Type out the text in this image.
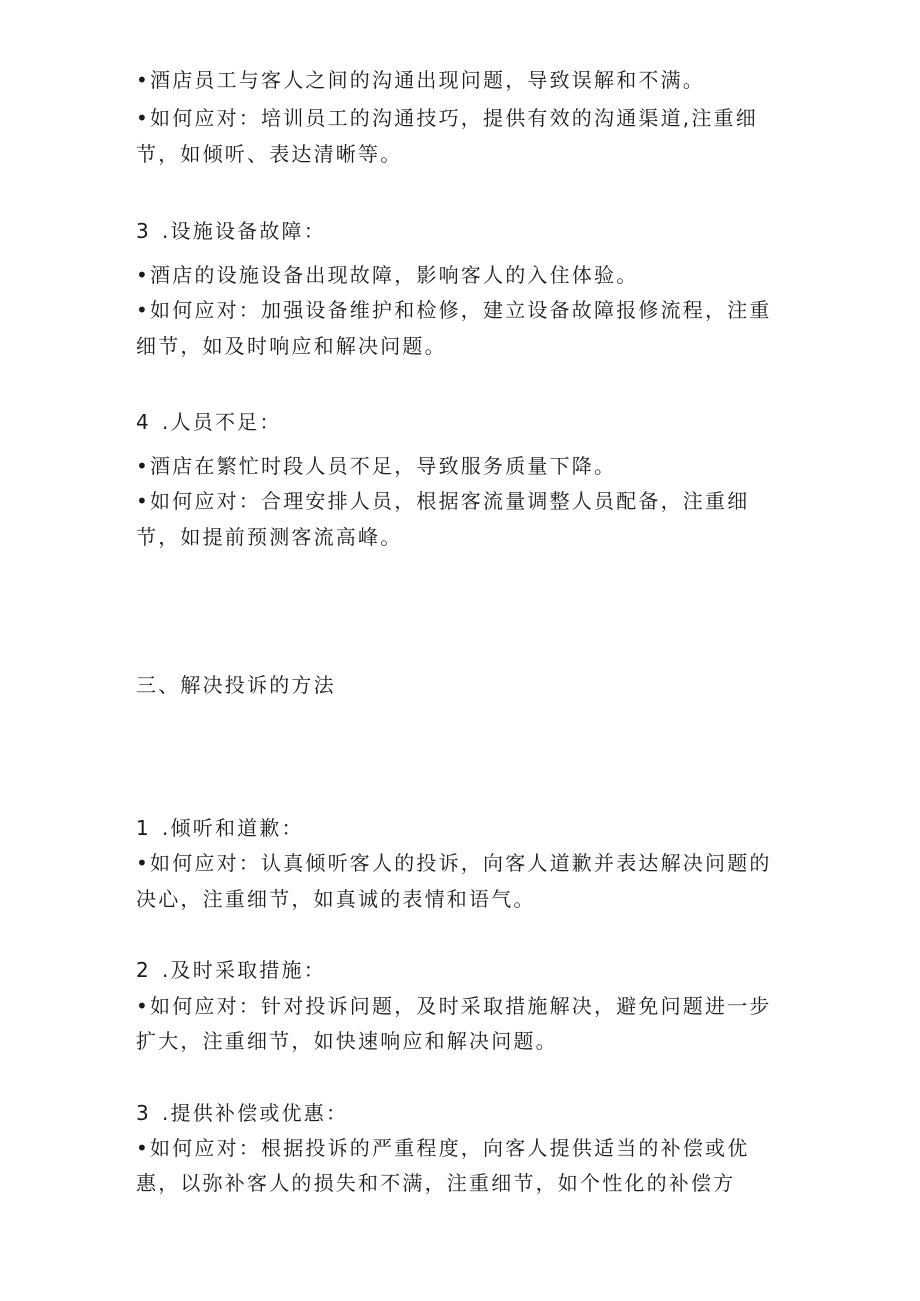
•酒店员工与客人之间的沟通出现问题，导致误解和不满。
•如何应对：培训员工的沟通技巧，提供有效的沟通渠道,注重细
节，如倾听、表达清晰等。
3 .设施设备故障：
•酒店的设施设备出现故障，影响客人的入住体验。
•如何应对：加强设备维护和检修，建立设备故障报修流程，注重
细节，如及时响应和解决问题。
4 .人员不足：
•酒店在繁忙时段人员不足，导致服务质量下降。
•如何应对：合理安排人员，根据客流量调整人员配备，注重细
节，如提前预测客流高峰。
三、解决投诉的方法
1 .倾听和道歉：
•如何应对：认真倾听客人的投诉，向客人道歉并表达解决问题的
决心，注重细节，如真诚的表情和语气。
2 .及时采取措施：
•如何应对：针对投诉问题，及时采取措施解决，避免问题进一步
扩大，注重细节，如快速响应和解决问题。
3 .提供补偿或优惠：
•如何应对：根据投诉的严重程度，向客人提供适当的补偿或优
惠，以弥补客人的损失和不满，注重细节，如个性化的补偿方
